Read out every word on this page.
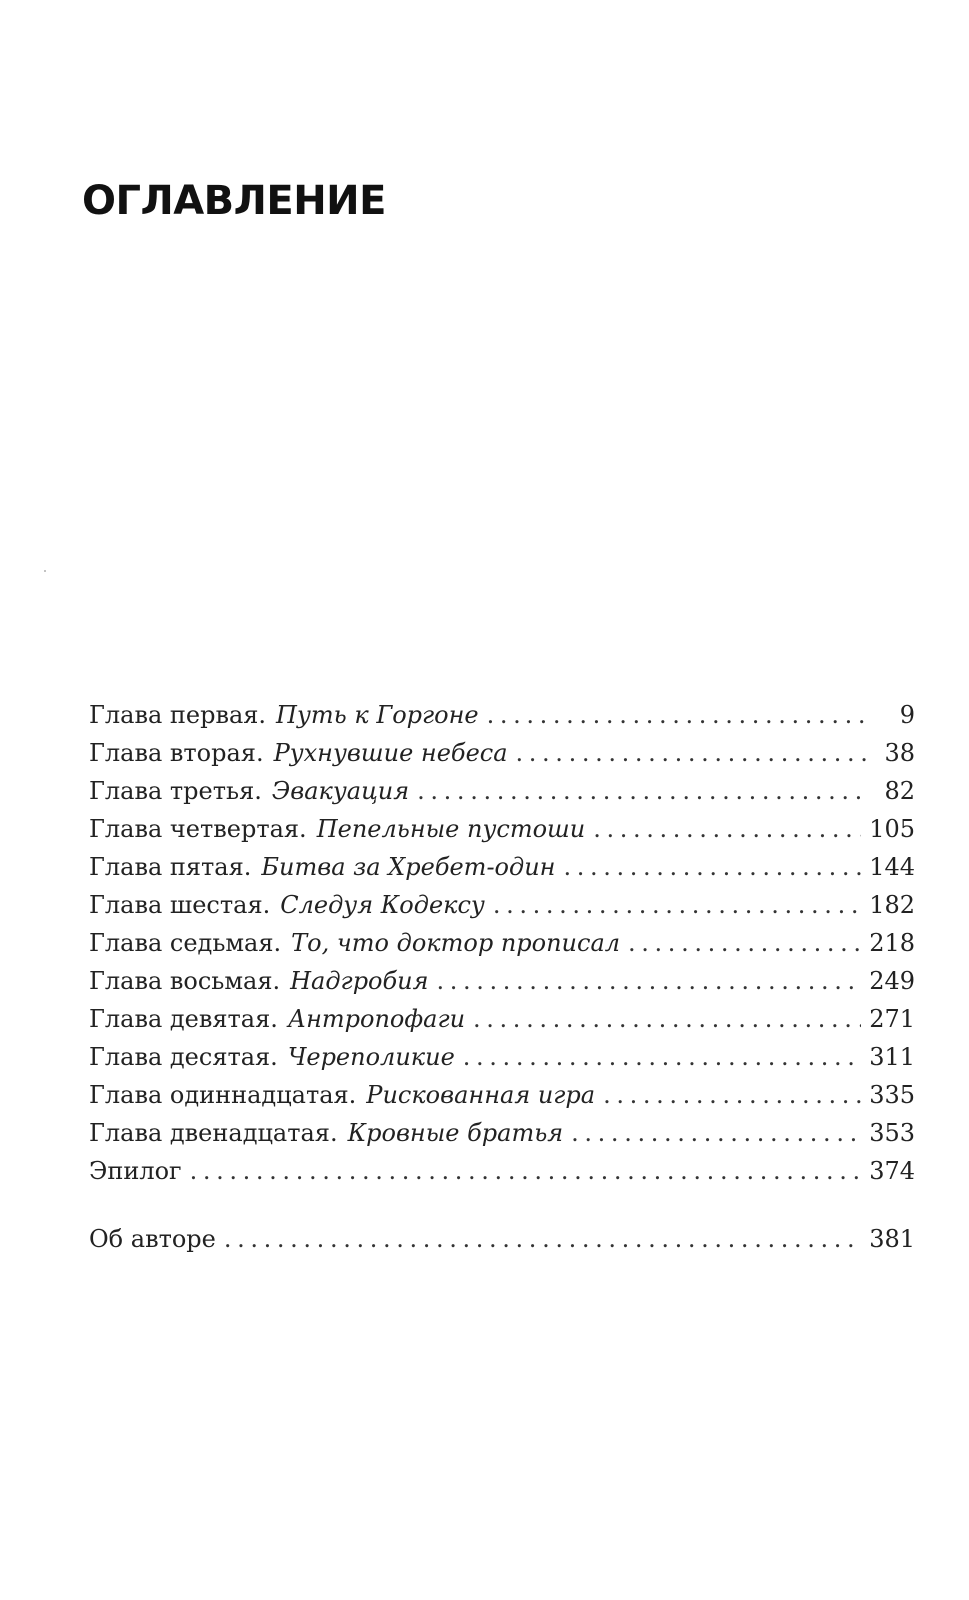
ОГЛАВЛЕНИЕ
Глава первая. Путь к Горгоне . . .	9
Глава вторая. Рухнувшие небеса . . .	38
Глава третья. Эвакуация . . .	82
Глава четвертая. Пепельные пустоши . . .	105
Глава пятая. Битва за Хребет-один . . .	144
Глава шестая. Следуя Кодексу . . .	182
Глава седьмая. То, что доктор прописал . . .	218
Глава восьмая. Надгробия . . .	249
Глава девятая. Антропофаги . . .	271
Глава десятая. Череполикие . . .	311
Глава одиннадцатая. Рискованная игра . . .	335
Глава двенадцатая. Кровные братья . . .	353
Эпилог . . .	374
Об авторе . . .	381
